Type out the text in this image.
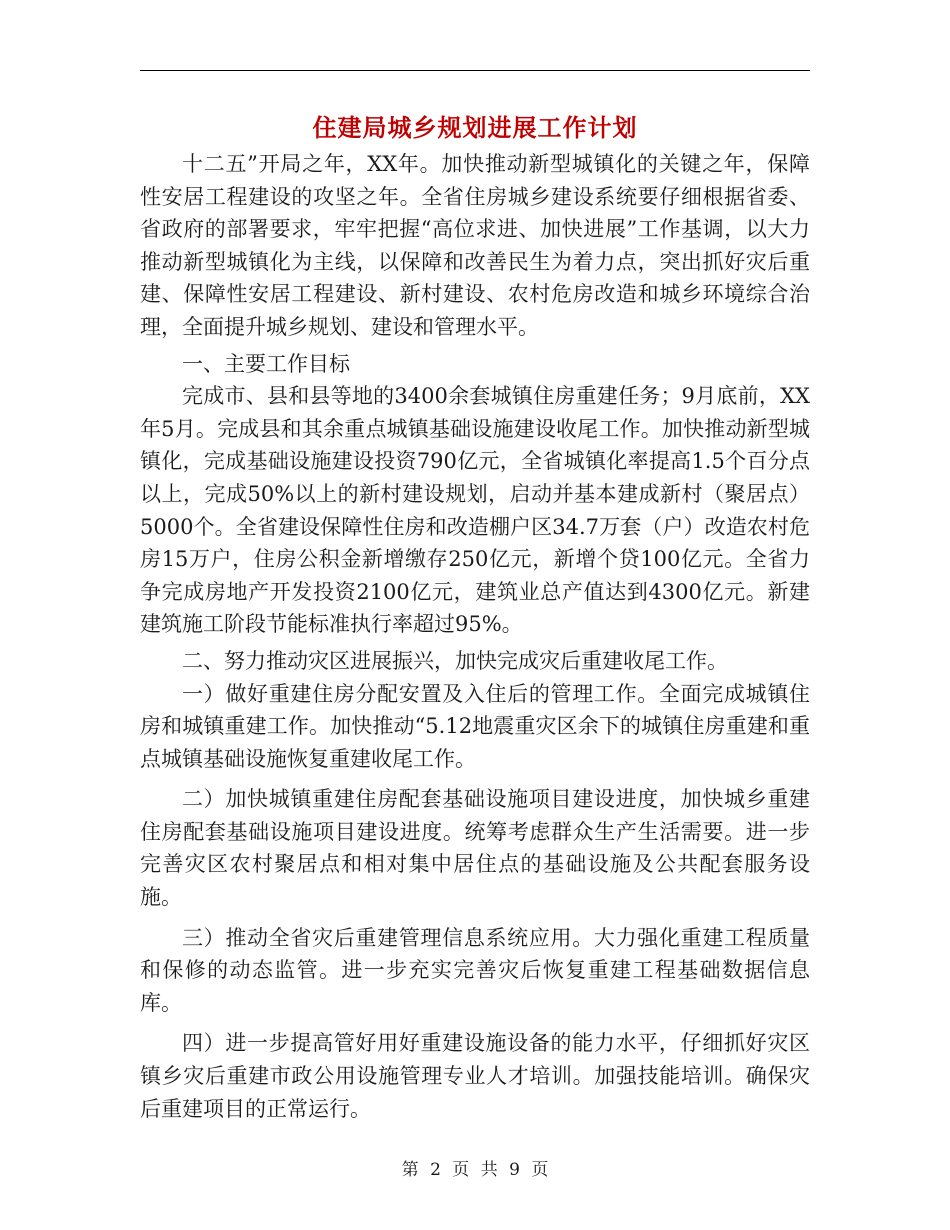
住建局城乡规划进展工作计划

十二五”开局之年，XX年。加快推动新型城镇化的关键之年，保障性安居工程建设的攻坚之年。全省住房城乡建设系统要仔细根据省委、省政府的部署要求，牢牢把握“高位求进、加快进展”工作基调，以大力推动新型城镇化为主线，以保障和改善民生为着力点，突出抓好灾后重建、保障性安居工程建设、新村建设、农村危房改造和城乡环境综合治理，全面提升城乡规划、建设和管理水平。

一、主要工作目标

完成市、县和县等地的3400余套城镇住房重建任务；9月底前，XX年5月。完成县和其余重点城镇基础设施建设收尾工作。加快推动新型城镇化，完成基础设施建设投资790亿元，全省城镇化率提高1.5个百分点以上，完成50%以上的新村建设规划，启动并基本建成新村（聚居点）5000个。全省建设保障性住房和改造棚户区34.7万套（户）改造农村危房15万户，住房公积金新增缴存250亿元，新增个贷100亿元。全省力争完成房地产开发投资2100亿元，建筑业总产值达到4300亿元。新建建筑施工阶段节能标准执行率超过95%。

二、努力推动灾区进展振兴，加快完成灾后重建收尾工作。

一）做好重建住房分配安置及入住后的管理工作。全面完成城镇住房和城镇重建工作。加快推动“5.12地震重灾区余下的城镇住房重建和重点城镇基础设施恢复重建收尾工作。

二）加快城镇重建住房配套基础设施项目建设进度，加快城乡重建住房配套基础设施项目建设进度。统筹考虑群众生产生活需要。进一步完善灾区农村聚居点和相对集中居住点的基础设施及公共配套服务设施。

三）推动全省灾后重建管理信息系统应用。大力强化重建工程质量和保修的动态监管。进一步充实完善灾后恢复重建工程基础数据信息库。

四）进一步提高管好用好重建设施设备的能力水平，仔细抓好灾区镇乡灾后重建市政公用设施管理专业人才培训。加强技能培训。确保灾后重建项目的正常运行。

第 2 页 共 9 页
